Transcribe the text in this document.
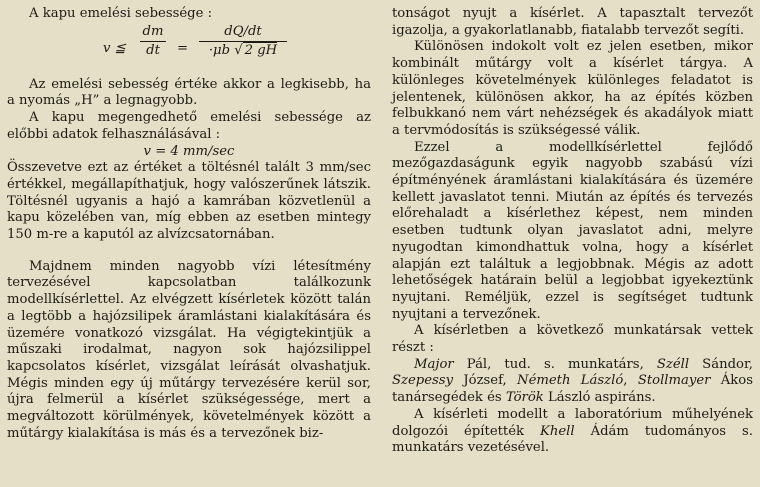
A kapu emelési sebessége :

v ≦
dm
dt	=
dQ/dt
·μb √ 2 gH

Az emelési sebesség értéke akkor a legkisebb, ha a nyomás „H” a legnagyobb.

A kapu megengedhető emelési sebessége az előbbi adatok felhasználásával :

v = 4 mm/sec

Összevetve ezt az értéket a töltésnél talált 3 mm/sec értékkel, megállapíthatjuk, hogy valószerűnek látszik. Töltésnél ugyanis a hajó a kamrában közvetlenül a kapu közelében van, míg ebben az esetben mintegy 150 m-re a kaputól az alvízcsatornában.

Majdnem minden nagyobb vízi létesítmény tervezésével kapcsolatban találkozunk modellkísérlettel. Az elvégzett kísérletek között talán a legtöbb a hajózsilipek áramlástani kialakítására és üzemére vonatkozó vizsgálat. Ha végigtekintjük a műszaki irodalmat, nagyon sok hajózsilippel kapcsolatos kísérlet, vizsgálat leírását olvashatjuk. Mégis minden egy új műtárgy tervezésére kerül sor, újra felmerül a kísérlet szükségessége, mert a megváltozott körülmények, követelmények között a műtárgy kialakítása is más és a tervezőnek biz-

tonságot nyujt a kísérlet. A tapasztalt tervezőt igazolja, a gyakorlatlanabb, fiatalabb tervezőt segíti.

Különösen indokolt volt ez jelen esetben, mikor kombinált műtárgy volt a kísérlet tárgya. A különleges követelmények különleges feladatot is jelentenek, különösen akkor, ha az építés közben felbukkanó nem várt nehézségek és akadályok miatt a tervmódosítás is szükségessé válik.

Ezzel a modellkísérlettel fejlődő mezőgazdaságunk egyik nagyobb szabású vízi építményének áramlástani kialakítására és üzemére kellett javaslatot tenni. Miután az építés és tervezés előrehaladt a kísérlethez képest, nem minden esetben tudtunk olyan javaslatot adni, melyre nyugodtan kimondhattuk volna, hogy a kísérlet alapján ezt találtuk a legjobbnak. Mégis az adott lehetőségek határain belül a legjobbat igyekeztünk nyujtani. Reméljük, ezzel is segítséget tudtunk nyujtani a tervezőnek.

A kísérletben a következő munkatársak vettek részt :

Major Pál, tud. s. munkatárs, Széll Sándor, Szepessy József, Németh László, Stollmayer Ákos tanársegédek és Török László aspiráns.

A kísérleti modellt a laboratórium műhelyének dolgozói építették Khell Ádám tudományos s. munkatárs vezetésével.
